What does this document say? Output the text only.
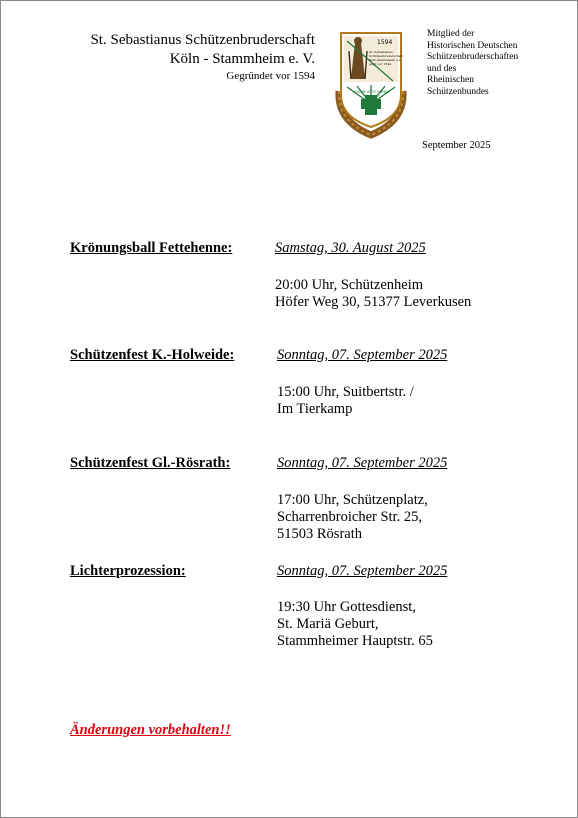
St. Sebastianus Schützenbruderschaft
Köln - Stammheim e. V.
Gegründet vor 1594
1594
St. Sebastianus
Schützenbruderschaft
Köln-Stammheim e.V.
gegr. vor 1594
GLAUBE SITTE HEIMAT
Mitglied der
Historischen Deutschen
Schützenbruderschaften
und des
Rheinischen
Schützenbundes
September 2025
Krönungsball Fettehenne:	Samstag, 30. August 2025
20:00 Uhr, Schützenheim
Höfer Weg 30, 51377 Leverkusen
Schützenfest K.-Holweide:	Sonntag, 07. September 2025
15:00 Uhr, Suitbertstr. /
Im Tierkamp
Schützenfest Gl.-Rösrath:	Sonntag, 07. September 2025
17:00 Uhr, Schützenplatz,
Scharrenbroicher Str. 25,
51503 Rösrath
Lichterprozession:	Sonntag, 07. September 2025
19:30 Uhr Gottesdienst,
St. Mariä Geburt,
Stammheimer Hauptstr. 65
Änderungen vorbehalten!!
